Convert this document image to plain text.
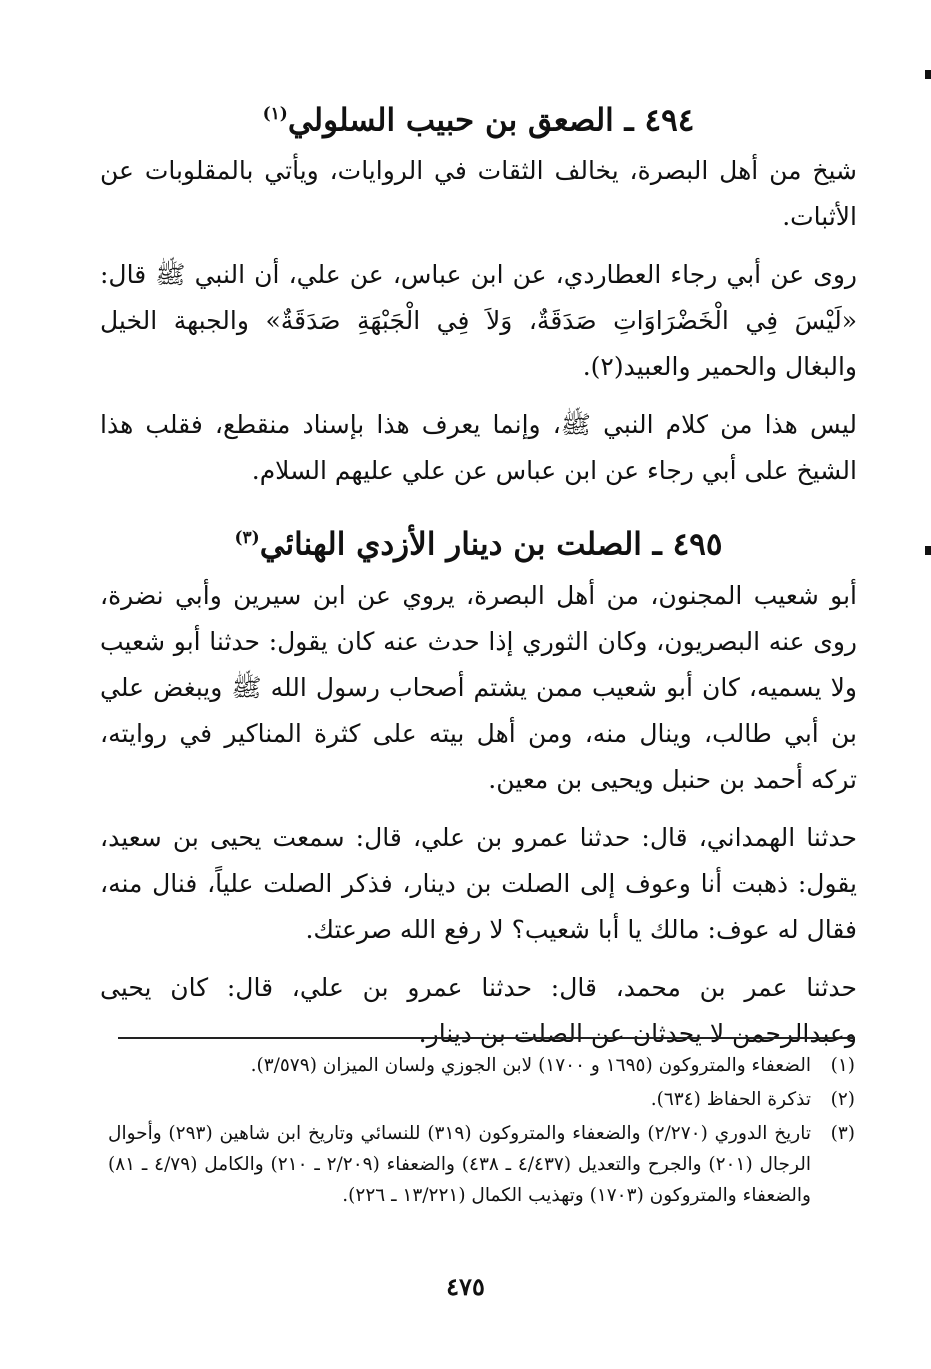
٤٩٤ ـ الصعق بن حبيب السلولي$^{(١)}$

شيخ من أهل البصرة، يخالف الثقات في الروايات، ويأتي بالمقلوبات عن الأثبات.

روى عن أبي رجاء العطاردي، عن ابن عباس، عن علي، أن النبي ﷺ قال: «لَيْسَ فِي الْخَضْرَاوَاتِ صَدَقَةٌ، وَلاَ فِي الْجَبْهَةِ صَدَقَةٌ» والجبهة الخيل والبغال والحمير والعبيد(٢).

ليس هذا من كلام النبي ﷺ، وإنما يعرف هذا بإسناد منقطع، فقلب هذا الشيخ على أبي رجاء عن ابن عباس عن علي عليهم السلام.

٤٩٥ ـ الصلت بن دينار الأزدي الهنائي$^{(٣)}$

أبو شعيب المجنون، من أهل البصرة، يروي عن ابن سيرين وأبي نضرة، روى عنه البصريون، وكان الثوري إذا حدث عنه كان يقول: حدثنا أبو شعيب ولا يسميه، كان أبو شعيب ممن يشتم أصحاب رسول الله ﷺ ويبغض علي بن أبي طالب، وينال منه، ومن أهل بيته على كثرة المناكير في روايته، تركه أحمد بن حنبل ويحيى بن معين.

حدثنا الهمداني، قال: حدثنا عمرو بن علي، قال: سمعت يحيى بن سعيد، يقول: ذهبت أنا وعوف إلى الصلت بن دينار، فذكر الصلت علياً، فنال منه، فقال له عوف: مالك يا أبا شعيب؟ لا رفع الله صرعتك.

حدثنا عمر بن محمد، قال: حدثنا عمرو بن علي، قال: كان يحيى وعبدالرحمن لا يحدثان عن الصلت بن دينار.

(١)
الضعفاء والمتروكون (١٦٩٥ و ١٧٠٠) لابن الجوزي ولسان الميزان (٣/٥٧٩).
(٢)
تذكرة الحفاظ (٦٣٤).
(٣)
تاريخ الدوري (٢/٢٧٠) والضعفاء والمتروكون (٣١٩) للنسائي وتاريخ ابن شاهين (٢٩٣) وأحوال الرجال (٢٠١) والجرح والتعديل (٤/٤٣٧ ـ ٤٣٨) والضعفاء (٢/٢٠٩ ـ ٢١٠) والكامل (٤/٧٩ ـ ٨١) والضعفاء والمتروكون (١٧٠٣) وتهذيب الكمال (١٣/٢٢١ ـ ٢٢٦).
٤٧٥
